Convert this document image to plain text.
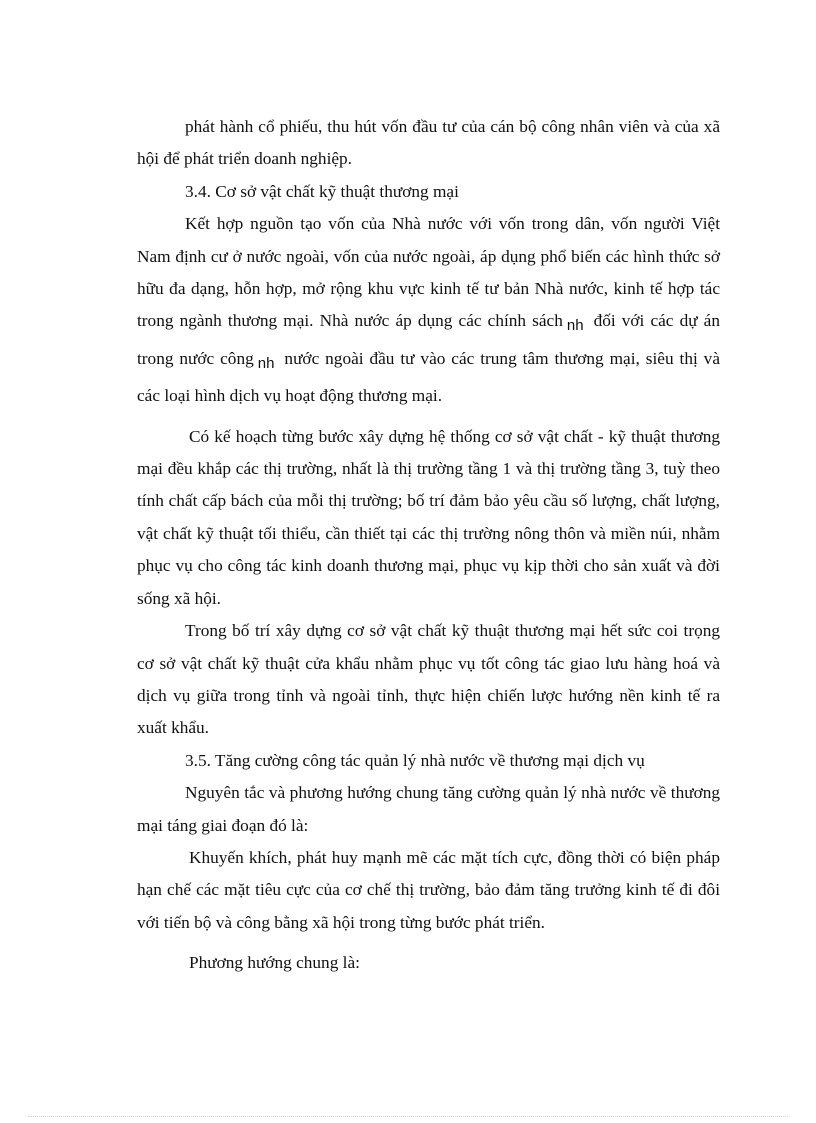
phát hành cổ phiếu, thu hút vốn đầu tư của cán bộ công nhân viên và của xã hội để phát triển doanh nghiệp.

3.4. Cơ sở vật chất kỹ thuật thương mại

Kết hợp nguồn tạo vốn của Nhà nước với vốn trong dân, vốn người Việt Nam định cư ở nước ngoài, vốn của nước ngoài, áp dụng phổ biến các hình thức sở hữu đa dạng, hỗn hợp, mở rộng khu vực kinh tế tư bản Nhà nước, kinh tế hợp tác trong ngành thương mại. Nhà nước áp dụng các chính sách nh đối với các dự án trong nước công nh nước ngoài đầu tư vào các trung tâm thương mại, siêu thị và các loại hình dịch vụ hoạt động thương mại.

Có kế hoạch từng bước xây dựng hệ thống cơ sở vật chất - kỹ thuật thương mại đều khắp các thị trường, nhất là thị trường tầng 1 và thị trường tầng 3, tuỳ theo tính chất cấp bách của mỗi thị trường; bố trí đảm bảo yêu cầu số lượng, chất lượng, vật chất kỹ thuật tối thiểu, cần thiết tại các thị trường nông thôn và miền núi, nhằm phục vụ cho công tác kinh doanh thương mại, phục vụ kịp thời cho sản xuất và đời sống xã hội.

Trong bố trí xây dựng cơ sở vật chất kỹ thuật thương mại hết sức coi trọng cơ sở vật chất kỹ thuật cửa khẩu nhằm phục vụ tốt công tác giao lưu hàng hoá và dịch vụ giữa trong tỉnh và ngoài tỉnh, thực hiện chiến lược hướng nền kinh tế ra xuất khẩu.

3.5. Tăng cường công tác quản lý nhà nước về thương mại dịch vụ

Nguyên tắc và phương hướng chung tăng cường quản lý nhà nước về thương mại táng giai đoạn đó là:

Khuyến khích, phát huy mạnh mẽ các mặt tích cực, đồng thời có biện pháp hạn chế các mặt tiêu cực của cơ chế thị trường, bảo đảm tăng trưởng kinh tế đi đôi với tiến bộ và công bằng xã hội trong từng bước phát triển.

Phương hướng chung là:
